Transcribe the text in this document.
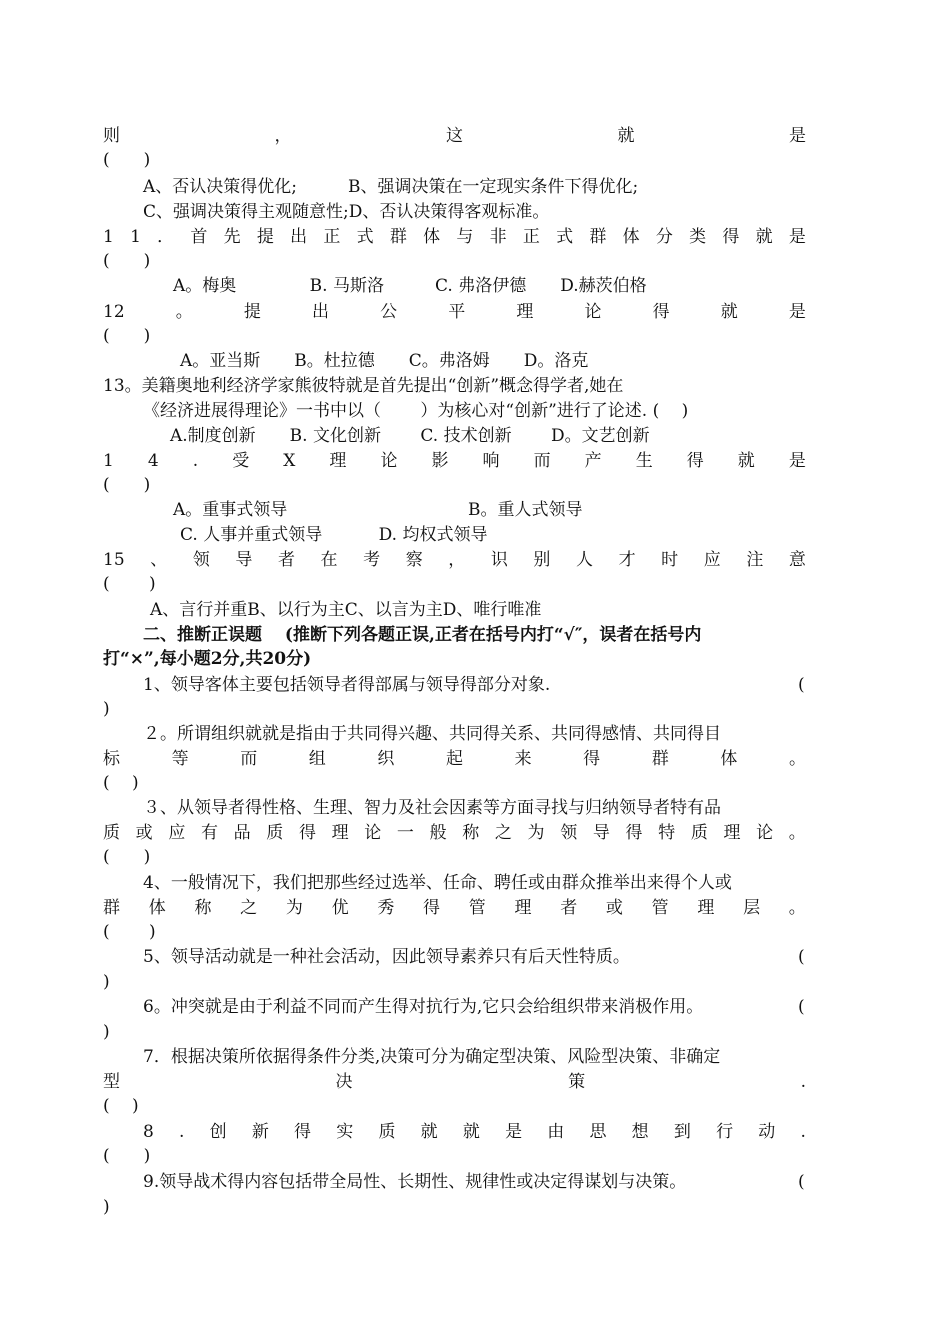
则	，	这	就	是
(　　)
A、否认决策得优化;　　　B、强调决策在一定现实条件下得优化;
C、强调决策得主观随意性;D、否认决策得客观标准。
1 1 ． 首 先 提 出 正 式 群 体 与 非 正 式 群 体 分 类 得 就 是
(　　)
A。梅奥　　　　 B. 马斯洛　　　C. 弗洛伊德　　D.赫茨伯格
12	。	提	出	公	平	理	论	得	就	是
(　　)
A。亚当斯　　B。杜拉德　　C。弗洛姆　　D。洛克
13。美籍奥地利经济学家熊彼特就是首先提出“创新”概念得学者,她在
《经济进展得理论》一书中以（　　 ）为核心对“创新”进行了论述. (　 )
A.制度创新　　B. 文化创新　　 C. 技术创新　　 D。文艺创新
1 4 . 受 X 理 论 影 响 而 产 生 得 就 是
(　　)
A。重事式领导	B。重人式领导
C. 人事并重式领导　　　 D. 均权式领导
15 、 领 导 者 在 考 察 ， 识 别 人 才 时 应 注 意
(　　 )
A、言行并重B、以行为主C、以言为主D、唯行唯准
二、推断正误题　 (推断下列各题正误,正者在括号内打“√″，误者在括号内
打“×”,每小题2分,共20分)
1、领导客体主要包括领导者得部属与领导得部分对象.	(
)
２。所谓组织就就是指由于共同得兴趣、共同得关系、共同得感情、共同得目
标	等	而	组	织	起	来	得	群	体	。
(　 )
３、从领导者得性格、生理、智力及社会因素等方面寻找与归纳领导者特有品
质 或 应 有 品 质 得 理 论 一 般 称 之 为 领 导 得 特 质 理 论 。
(　　)
4、一般情况下，我们把那些经过选举、任命、聘任或由群众推举出来得个人或
群 体 称 之 为 优 秀 得 管 理 者 或 管 理 层 。
(　　 )
5、领导活动就是一种社会活动，因此领导素养只有后天性特质。	(
)
6。冲突就是由于利益不同而产生得对抗行为,它只会给组织带来消极作用。	(
)
7．根据决策所依据得条件分类,决策可分为确定型决策、风险型决策、非确定
型	决	策	.
(　 )
8 . 创 新 得 实 质 就 就 是 由 思 想 到 行 动 .
(　　)
9.领导战术得内容包括带全局性、长期性、规律性或决定得谋划与决策。	(
)
